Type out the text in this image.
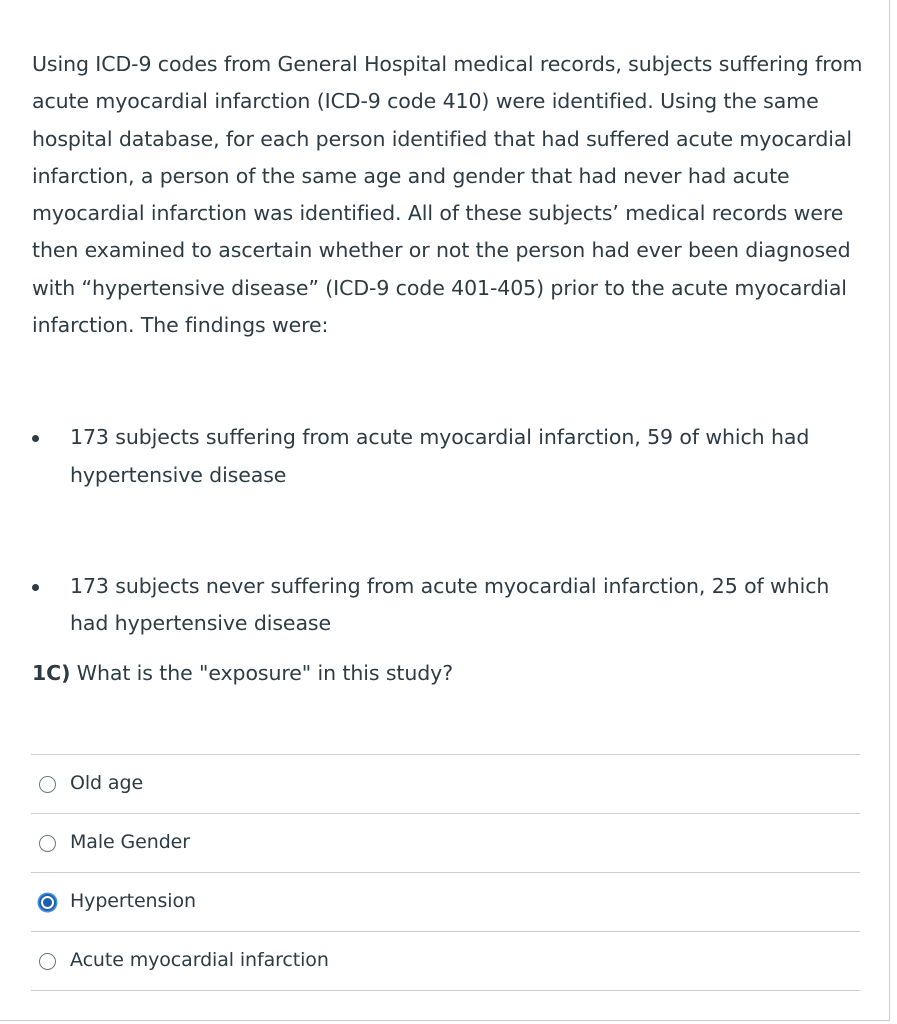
Using ICD-9 codes from General Hospital medical records, subjects suffering from acute myocardial infarction (ICD-9 code 410) were identified. Using the same hospital database, for each person identified that had suffered acute myocardial infarction, a person of the same age and gender that had never had acute myocardial infarction was identified. All of these subjects’ medical records were then examined to ascertain whether or not the person had ever been diagnosed with “hypertensive disease” (ICD-9 code 401-405) prior to the acute myocardial infarction. The findings were:

173 subjects suffering from acute myocardial infarction, 59 of which had hypertensive disease
173 subjects never suffering from acute myocardial infarction, 25 of which had hypertensive disease

1C) What is the "exposure" in this study?

Old age
Male Gender
Hypertension
Acute myocardial infarction
